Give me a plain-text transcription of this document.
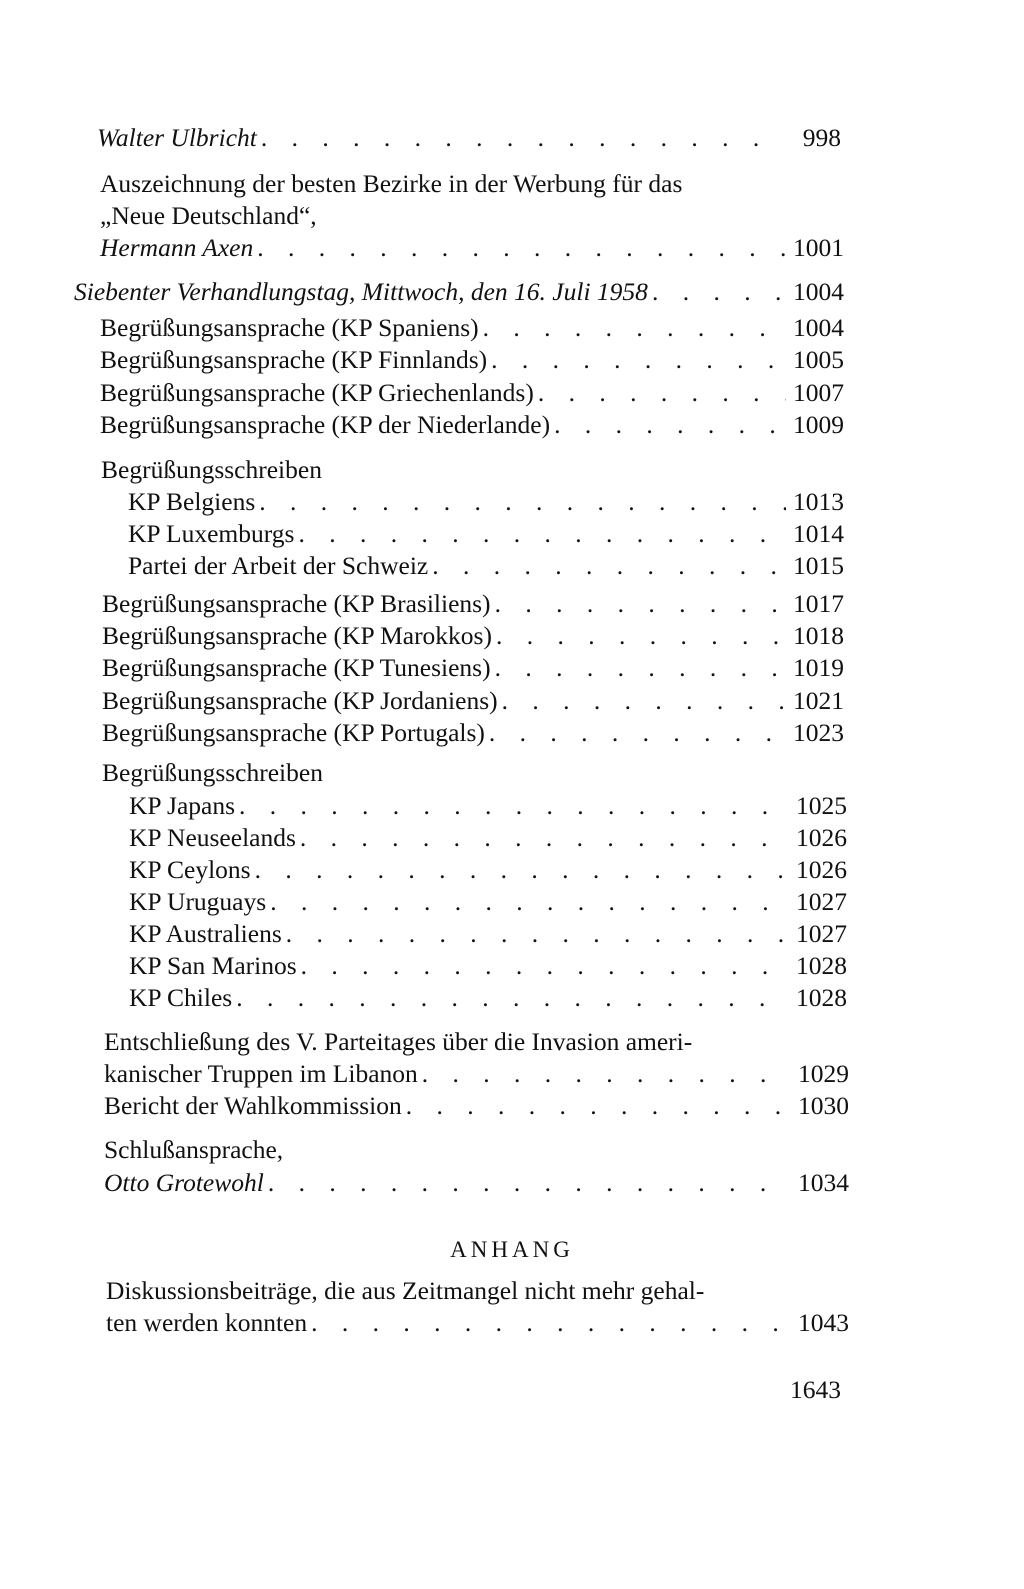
Walter Ulbricht . . .	998
Auszeichnung der besten Bezirke in der Werbung für das
„Neue Deutschland“,
Hermann Axen . . .	1001
Siebenter Verhandlungstag, Mittwoch, den 16. Juli 1958 . . .	1004
Begrüßungsansprache (KP Spaniens) . . .	1004
Begrüßungsansprache (KP Finnlands) . . .	1005
Begrüßungsansprache (KP Griechenlands) . . .	1007
Begrüßungsansprache (KP der Niederlande) . . .	1009
Begrüßungsschreiben
KP Belgiens . . .	1013
KP Luxemburgs . . .	1014
Partei der Arbeit der Schweiz . . .	1015
Begrüßungsansprache (KP Brasiliens) . . .	1017
Begrüßungsansprache (KP Marokkos) . . .	1018
Begrüßungsansprache (KP Tunesiens) . . .	1019
Begrüßungsansprache (KP Jordaniens) . . .	1021
Begrüßungsansprache (KP Portugals) . . .	1023
Begrüßungsschreiben
KP Japans . . .	1025
KP Neuseelands . . .	1026
KP Ceylons . . .	1026
KP Uruguays . . .	1027
KP Australiens . . .	1027
KP San Marinos . . .	1028
KP Chiles . . .	1028
Entschließung des V. Parteitages über die Invasion ameri-
kanischer Truppen im Libanon . . .	1029
Bericht der Wahlkommission . . .	1030
Schlußansprache,
Otto Grotewohl . . .	1034
ANHANG
Diskussionsbeiträge, die aus Zeitmangel nicht mehr gehal-
ten werden konnten . . .	1043
1643
